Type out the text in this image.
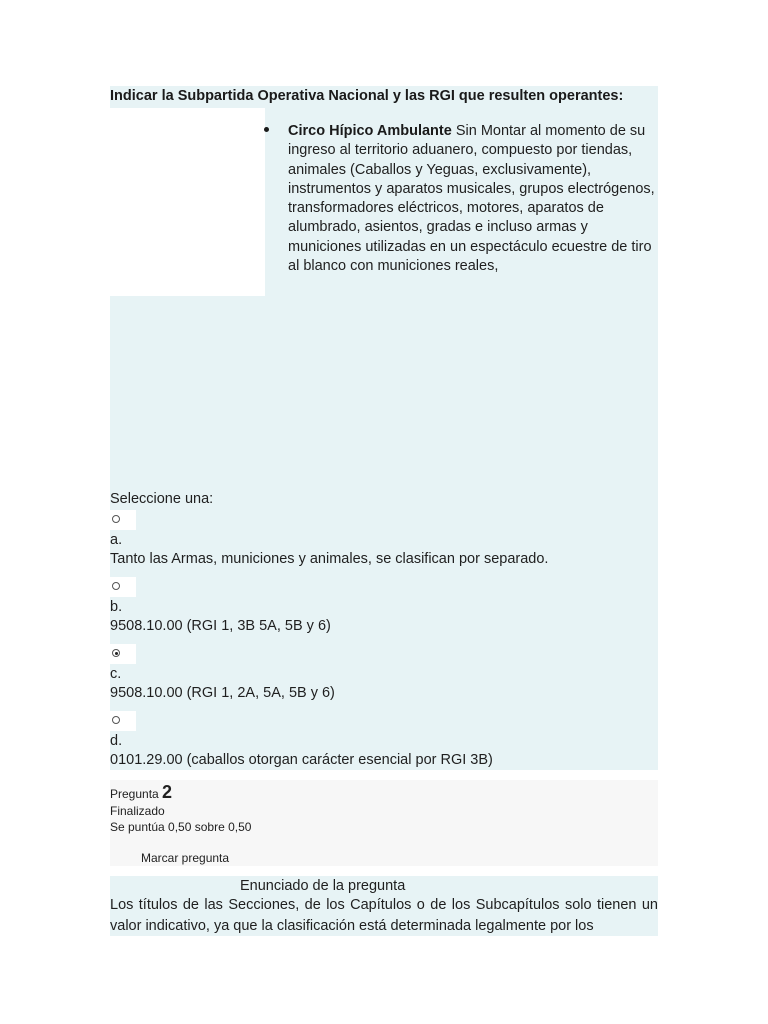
Indicar la Subpartida Operativa Nacional y las RGI que resulten operantes:
Circo Hípico Ambulante Sin Montar al momento de su ingreso al territorio aduanero, compuesto por tiendas, animales (Caballos y Yeguas, exclusivamente), instrumentos y aparatos musicales, grupos electrógenos, transformadores eléctricos, motores, aparatos de alumbrado, asientos, gradas e incluso armas y municiones utilizadas en un espectáculo ecuestre de tiro al blanco con municiones reales,
Seleccione una:
a.
Tanto las Armas, municiones y animales, se clasifican por separado.
b.
9508.10.00 (RGI 1, 3B 5A, 5B y 6)
c.
9508.10.00 (RGI 1, 2A, 5A, 5B y 6)
d.
0101.29.00 (caballos otorgan carácter esencial por RGI 3B)
Pregunta 2
Finalizado
Se puntúa 0,50 sobre 0,50
Marcar pregunta
Enunciado de la pregunta
Los títulos de las Secciones, de los Capítulos o de los Subcapítulos solo tienen un valor indicativo, ya que la clasificación está determinada legalmente por los
